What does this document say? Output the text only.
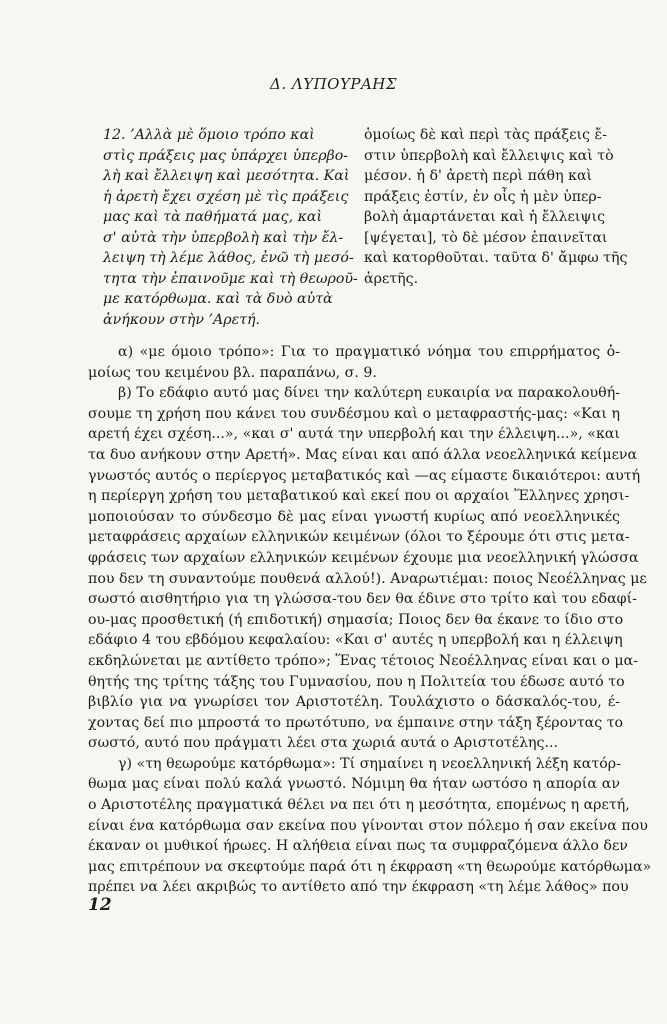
Δ. ΛΥΠΟΥΡΑΗΣ
12. ’Αλλὰ μὲ ὅμοιο τρόπο καὶ
στὶς πράξεις μας ὑπάρχει ὑπερβο-
λὴ καὶ ἔλλειψη καὶ μεσότητα. Καὶ
ἡ ἀρετὴ ἔχει σχέση μὲ τὶς πράξεις
μας καὶ τὰ παθήματά μας, καὶ
σ' αὐτὰ τὴν ὑπερβολὴ καὶ τὴν ἔλ-
λειψη τὴ λέμε λάθος, ἐνῶ τὴ μεσό-
τητα τὴν ἐπαινοῦμε καὶ τὴ θεωροῦ-
με κατόρθωμα. καὶ τὰ δυὸ αὐτὰ
ἀνήκουν στὴν ’Αρετή.
ὁμοίως δὲ καὶ περὶ τὰς πράξεις ἔ-
στιν ὑπερβολὴ καὶ ἔλλειψις καὶ τὸ
μέσον. ἡ δ' ἀρετὴ περὶ πάθη καὶ
πράξεις ἐστίν, ἐν οἷς ἡ μὲν ὑπερ-
βολὴ ἁμαρτάνεται καὶ ἡ ἔλλειψις
[ψέγεται], τὸ δὲ μέσον ἐπαινεῖται
καὶ κατορθοῦται. ταῦτα δ' ἄμφω τῆς
ἀρετῆς.
α) «με όμοιο τρόπο»: Για το πραγματικό νόημα του επιρρήματος ὁ-
μοίως του κειμένου βλ. παραπάνω, σ. 9.
β) Το εδάφιο αυτό μας δίνει την καλύτερη ευκαιρία να παρακολουθή-
σουμε τη χρήση που κάνει του συνδέσμου καὶ ο μεταφραστής-μας: «Και η
αρετή έχει σχέση...», «και σ' αυτά την υπερβολή και την έλλειψη...», «και
τα δυο ανήκουν στην Αρετή». Μας είναι και από άλλα νεοελληνικά κείμενα
γνωστός αυτός ο περίεργος μεταβατικός καὶ —ας είμαστε δικαιότεροι: αυτή
η περίεργη χρήση του μεταβατικού καὶ εκεί που οι αρχαίοι Ἕλληνες χρησι-
μοποιούσαν το σύνδεσμο δὲ μας είναι γνωστή κυρίως από νεοελληνικές
μεταφράσεις αρχαίων ελληνικών κειμένων (όλοι το ξέρουμε ότι στις μετα-
φράσεις των αρχαίων ελληνικών κειμένων έχουμε μια νεοελληνική γλώσσα
που δεν τη συναντούμε πουθενά αλλού!). Αναρωτιέμαι: ποιος Νεοέλληνας με
σωστό αισθητήριο για τη γλώσσα-του δεν θα έδινε στο τρίτο καὶ του εδαφί-
ου-μας προσθετική (ή επιδοτική) σημασία; Ποιος δεν θα έκανε το ίδιο στο
εδάφιο 4 του εβδόμου κεφαλαίου: «Και σ' αυτές η υπερβολή και η έλλειψη
εκδηλώνεται με αντίθετο τρόπο»; Ἕνας τέτοιος Νεοέλληνας είναι και ο μα-
θητής της τρίτης τάξης του Γυμνασίου, που η Πολιτεία του έδωσε αυτό το
βιβλίο για να γνωρίσει τον Αριστοτέλη. Τουλάχιστο ο δάσκαλός-του, έ-
χοντας δεί πιο μπροστά το πρωτότυπο, να έμπαινε στην τάξη ξέροντας το
σωστό, αυτό που πράγματι λέει στα χωριά αυτά ο Αριστοτέλης...
γ) «τη θεωρούμε κατόρθωμα»: Τί σημαίνει η νεοελληνική λέξη κατόρ-
θωμα μας είναι πολύ καλά γνωστό. Νόμιμη θα ήταν ωστόσο η απορία αν
ο Αριστοτέλης πραγματικά θέλει να πει ότι η μεσότητα, επομένως η αρετή,
είναι ένα κατόρθωμα σαν εκείνα που γίνονται στον πόλεμο ή σαν εκείνα που
έκαναν οι μυθικοί ήρωες. Η αλήθεια είναι πως τα συμφραζόμενα άλλο δεν
μας επιτρέπουν να σκεφτούμε παρά ότι η έκφραση «τη θεωρούμε κατόρθωμα»
πρέπει να λέει ακριβώς το αντίθετο από την έκφραση «τη λέμε λάθος» που
12
